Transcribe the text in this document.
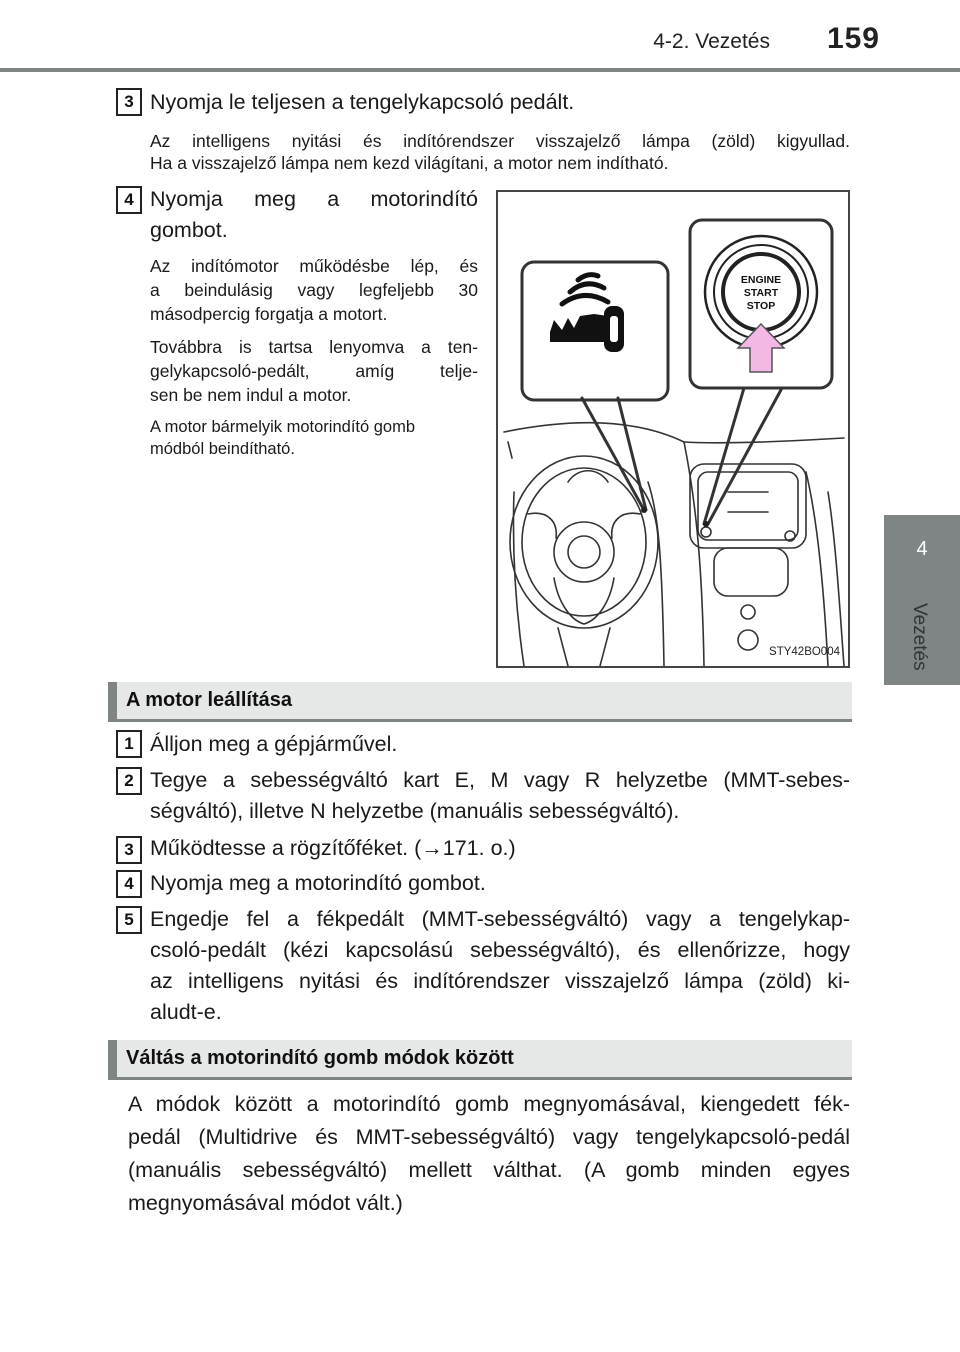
4-2. Vezetés	159
4
Vezetés
3 Nyomja le teljesen a tengelykapcsoló pedált.
Az intelligens nyitási és indítórendszer visszajelző lámpa (zöld) kigyullad.
Ha a visszajelző lámpa nem kezd világítani, a motor nem indítható.
4 Nyomja meg a motorindító
gombot.
Az indítómotor működésbe lép, és
a beindulásig vagy legfeljebb 30
másodpercig forgatja a motort.
Továbbra is tartsa lenyomva a ten-
gelykapcsoló-pedált, amíg telje-
sen be nem indul a motor.
A motor bármelyik motorindító gomb
módból beindítható.
ENGINE
START
STOP
STY42BO004
A motor leállítása
1 Álljon meg a gépjárművel.
2 Tegye a sebességváltó kart E, M vagy R helyzetbe (MMT-sebes-
ségváltó), illetve N helyzetbe (manuális sebességváltó).
3 Működtesse a rögzítőféket. (→171. o.)
4 Nyomja meg a motorindító gombot.
5 Engedje fel a fékpedált (MMT-sebességváltó) vagy a tengelykap-
csoló-pedált (kézi kapcsolású sebességváltó), és ellenőrizze, hogy
az intelligens nyitási és indítórendszer visszajelző lámpa (zöld) ki-
aludt-e.
Váltás a motorindító gomb módok között
A módok között a motorindító gomb megnyomásával, kiengedett fék-
pedál (Multidrive és MMT-sebességváltó) vagy tengelykapcsoló-pedál
(manuális sebességváltó) mellett válthat. (A gomb minden egyes
megnyomásával módot vált.)
